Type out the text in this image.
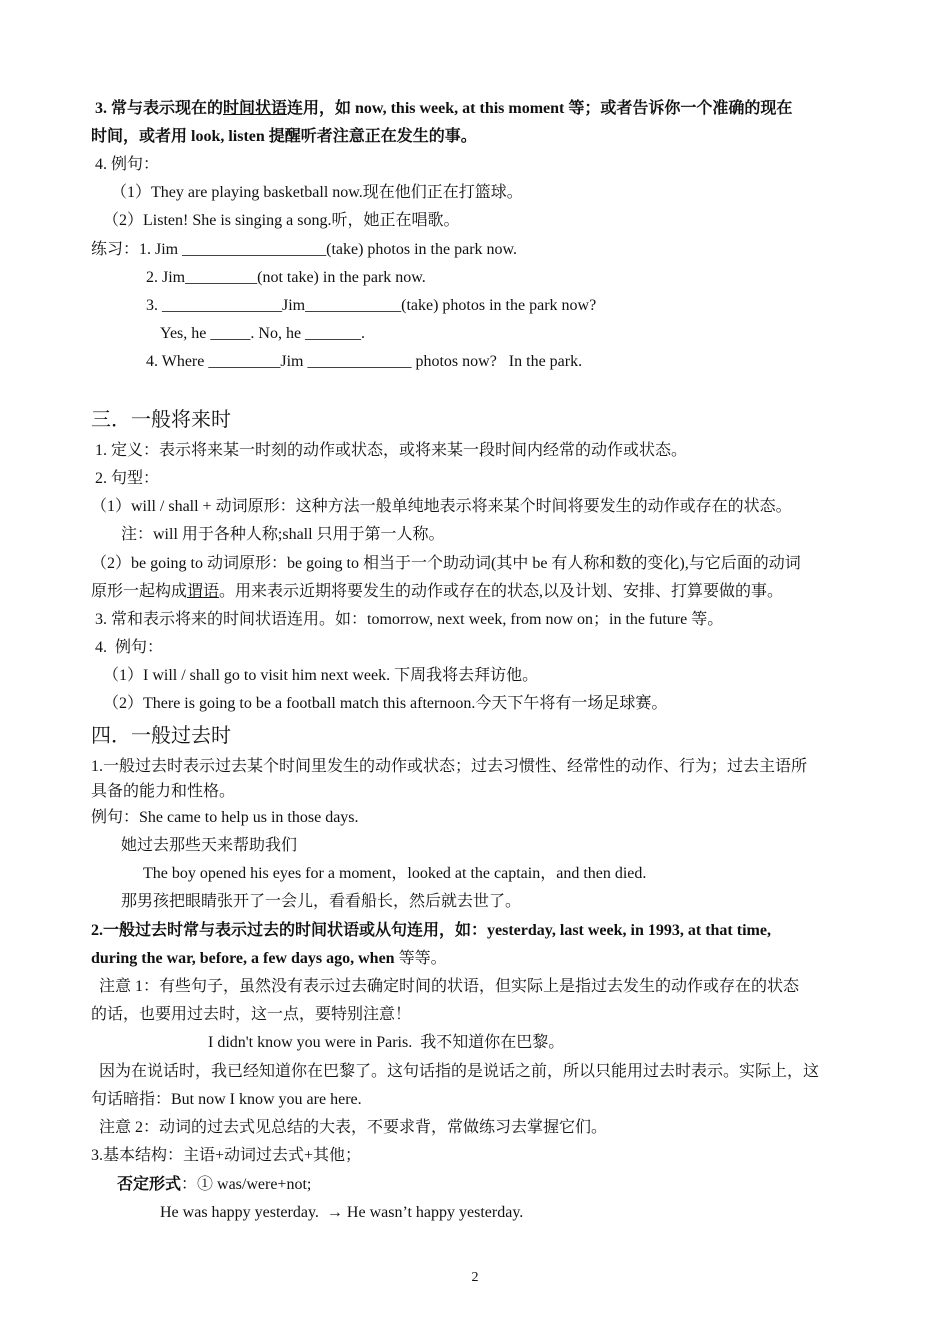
3. 常与表示现在的时间状语连用，如 now, this week, at this moment 等；或者告诉你一个准确的现在
时间，或者用 look, listen 提醒听者注意正在发生的事。
4. 例句：
（1）They are playing basketball now.现在他们正在打篮球。
（2）Listen! She is singing a song.听，她正在唱歌。
练习：1. Jim __________________(take) photos in the park now.
2. Jim_________(not take) in the park now.
3. _______________Jim____________(take) photos in the park now?
Yes, he _____. No, he _______.
4. Where _________Jim _____________ photos now?   In the park.
三．一般将来时
1. 定义：表示将来某一时刻的动作或状态，或将来某一段时间内经常的动作或状态。
2. 句型：
（1）will / shall + 动词原形：这种方法一般单纯地表示将来某个时间将要发生的动作或存在的状态。
注：will 用于各种人称;shall 只用于第一人称。
（2）be going to 动词原形：be going to 相当于一个助动词(其中 be 有人称和数的变化),与它后面的动词
原形一起构成谓语。用来表示近期将要发生的动作或存在的状态,以及计划、安排、打算要做的事。
3. 常和表示将来的时间状语连用。如：tomorrow, next week, from now on；in the future 等。
4.  例句：
（1）I will / shall go to visit him next week. 下周我将去拜访他。
（2）There is going to be a football match this afternoon.今天下午将有一场足球赛。
四．一般过去时
1.一般过去时表示过去某个时间里发生的动作或状态；过去习惯性、经常性的动作、行为；过去主语所
具备的能力和性格。
例句：She came to help us in those days.
她过去那些天来帮助我们
The boy opened his eyes for a moment，looked at the captain，and then died.
那男孩把眼睛张开了一会儿，看看船长，然后就去世了。
2.一般过去时常与表示过去的时间状语或从句连用，如：yesterday, last week, in 1993, at that time,
during the war, before, a few days ago, when 等等。
注意 1：有些句子，虽然没有表示过去确定时间的状语，但实际上是指过去发生的动作或存在的状态
的话，也要用过去时，这一点，要特别注意！
I didn't know you were in Paris.  我不知道你在巴黎。
因为在说话时，我已经知道你在巴黎了。这句话指的是说话之前，所以只能用过去时表示。实际上，这
句话暗指：But now I know you are here.
注意 2：动词的过去式见总结的大表，不要求背，常做练习去掌握它们。
3.基本结构：主语+动词过去式+其他；
否定形式：① was/were+not;
He was happy yesterday.  → He wasn’t happy yesterday.
2
